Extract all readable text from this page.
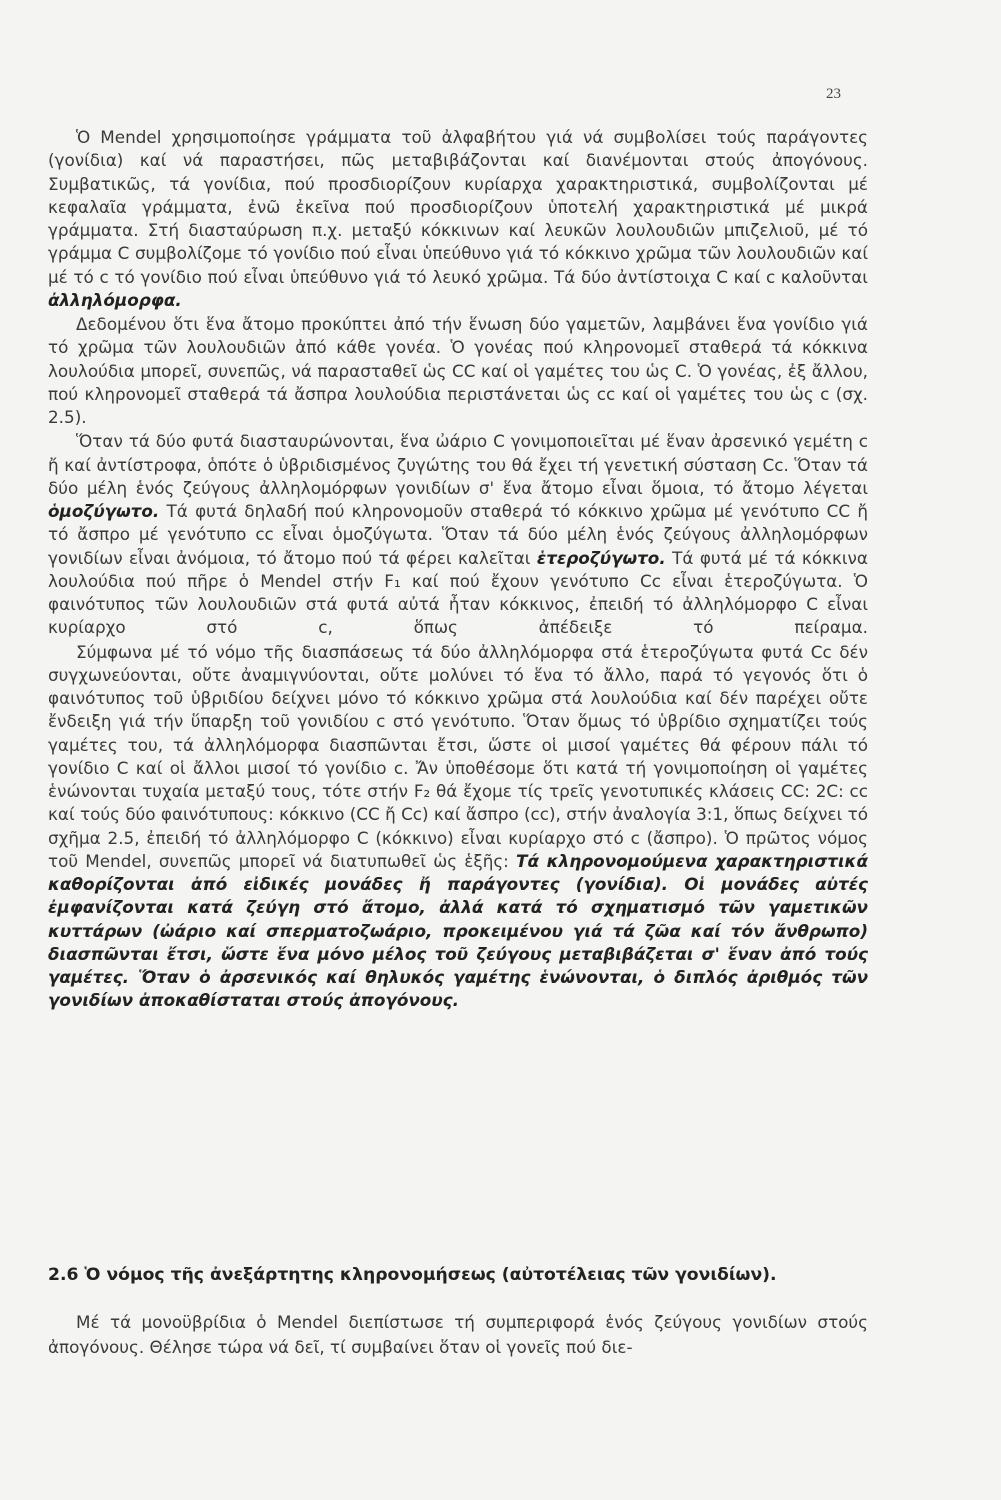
23

Ὁ Mendel χρησιμοποίησε γράμματα τοῦ ἀλφαβήτου γιά νά συμβολίσει τούς παράγοντες (γονίδια) καί νά παραστήσει, πῶς μεταβιβάζονται καί διανέμονται στούς ἀπογόνους. Συμβατικῶς, τά γονίδια, πού προσδιορίζουν κυρίαρχα χαρακτηριστικά, συμβολίζονται μέ κεφαλαῖα γράμματα, ἐνῶ ἐκεῖνα πού προσδιορίζουν ὑποτελή χαρακτηριστικά μέ μικρά γράμματα. Στή διασταύρωση π.χ. μεταξύ κόκκινων καί λευκῶν λουλουδιῶν μπιζελιοῦ, μέ τό γράμμα C συμβολίζομε τό γονίδιο πού εἶναι ὑπεύθυνο γιά τό κόκκινο χρῶμα τῶν λουλουδιῶν καί μέ τό c τό γονίδιο πού εἶναι ὑπεύθυνο γιά τό λευκό χρῶμα. Τά δύο ἀντίστοιχα C καί c καλοῦνται ἀλληλόμορφα.

Δεδομένου ὅτι ἕνα ἄτομο προκύπτει ἀπό τήν ἕνωση δύο γαμετῶν, λαμβάνει ἕνα γονίδιο γιά τό χρῶμα τῶν λουλουδιῶν ἀπό κάθε γονέα. Ὁ γονέας πού κληρονομεῖ σταθερά τά κόκκινα λουλούδια μπορεῖ, συνεπῶς, νά παρασταθεῖ ὡς CC καί οἱ γαμέτες του ὡς C. Ὁ γονέας, ἐξ ἄλλου, πού κληρονομεῖ σταθερά τά ἄσπρα λουλούδια περιστάνεται ὡς cc καί οἱ γαμέτες του ὡς c (σχ. 2.5).

Ὅταν τά δύο φυτά διασταυρώνονται, ἕνα ὠάριο C γονιμοποιεῖται μέ ἕναν ἀρσενικό γεμέτη c ἤ καί ἀντίστροφα, ὁπότε ὁ ὑβριδισμένος ζυγώτης του θά ἔχει τή γενετική σύσταση Cc. Ὅταν τά δύο μέλη ἑνός ζεύγους ἀλληλομόρφων γονιδίων σ' ἕνα ἄτομο εἶναι ὅμοια, τό ἄτομο λέγεται ὁμοζύγωτο. Τά φυτά δηλαδή πού κληρονομοῦν σταθερά τό κόκκινο χρῶμα μέ γενότυπο CC ἤ τό ἄσπρο μέ γενότυπο cc εἶναι ὁμοζύγωτα. Ὅταν τά δύο μέλη ἑνός ζεύγους ἀλληλομόρφων γονιδίων εἶναι ἀνόμοια, τό ἄτομο πού τά φέρει καλεῖται ἑτεροζύγωτο. Τά φυτά μέ τά κόκκινα λουλούδια πού πῆρε ὁ Mendel στήν F₁ καί πού ἔχουν γενότυπο Cc εἶναι ἑτεροζύγωτα. Ὁ φαινότυπος τῶν λουλουδιῶν στά φυτά αὐτά ἦταν κόκκινος, ἐπειδή τό ἀλληλόμορφο C εἶναι κυρίαρχο στό c, ὅπως ἀπέδειξε τό πείραμα.

Σύμφωνα μέ τό νόμο τῆς διασπάσεως τά δύο ἀλληλόμορφα στά ἑτεροζύγωτα φυτά Cc δέν συγχωνεύονται, οὔτε ἀναμιγνύονται, οὔτε μολύνει τό ἕνα τό ἄλλο, παρά τό γεγονός ὅτι ὁ φαινότυπος τοῦ ὑβριδίου δείχνει μόνο τό κόκκινο χρῶμα στά λουλούδια καί δέν παρέχει οὔτε ἔνδειξη γιά τήν ὕπαρξη τοῦ γονιδίου c στό γενότυπο. Ὅταν ὅμως τό ὑβρίδιο σχηματίζει τούς γαμέτες του, τά ἀλληλόμορφα διασπῶνται ἔτσι, ὥστε οἱ μισοί γαμέτες θά φέρουν πάλι τό γονίδιο C καί οἱ ἄλλοι μισοί τό γονίδιο c. Ἄν ὑποθέσομε ὅτι κατά τή γονιμοποίηση οἱ γαμέτες ἑνώνονται τυχαία μεταξύ τους, τότε στήν F₂ θά ἔχομε τίς τρεῖς γενοτυπικές κλάσεις CC: 2C: cc καί τούς δύο φαινότυπους: κόκκινο (CC ἤ Cc) καί ἄσπρο (cc), στήν ἀναλογία 3:1, ὅπως δείχνει τό σχῆμα 2.5, ἐπειδή τό ἀλληλόμορφο C (κόκκινο) εἶναι κυρίαρχο στό c (ἄσπρο). Ὁ πρῶτος νόμος τοῦ Mendel, συνεπῶς μπορεῖ νά διατυπωθεῖ ὡς ἑξῆς: Τά κληρονομούμενα χαρακτηριστικά καθορίζονται ἀπό εἰδικές μονάδες ἤ παράγοντες (γονίδια). Οἱ μονάδες αὐτές ἐμφανίζονται κατά ζεύγη στό ἄτομο, ἀλλά κατά τό σχηματισμό τῶν γαμετικῶν κυττάρων (ὠάριο καί σπερματοζωάριο, προκειμένου γιά τά ζῶα καί τόν ἄνθρωπο) διασπῶνται ἔτσι, ὥστε ἕνα μόνο μέλος τοῦ ζεύγους μεταβιβάζεται σ' ἕναν ἀπό τούς γαμέτες. Ὅταν ὁ ἀρσενικός καί θηλυκός γαμέτης ἑνώνονται, ὁ διπλός ἀριθμός τῶν γονιδίων ἀποκαθίσταται στούς ἀπογόνους.

2.6 Ὁ νόμος τῆς ἀνεξάρτητης κληρονομήσεως (αὐτοτέλειας τῶν γονιδίων).

Μέ τά μονοϋβρίδια ὁ Mendel διεπίστωσε τή συμπεριφορά ἑνός ζεύγους γονιδίων στούς ἀπογόνους. Θέλησε τώρα νά δεῖ, τί συμβαίνει ὅταν οἱ γονεῖς πού διε-
